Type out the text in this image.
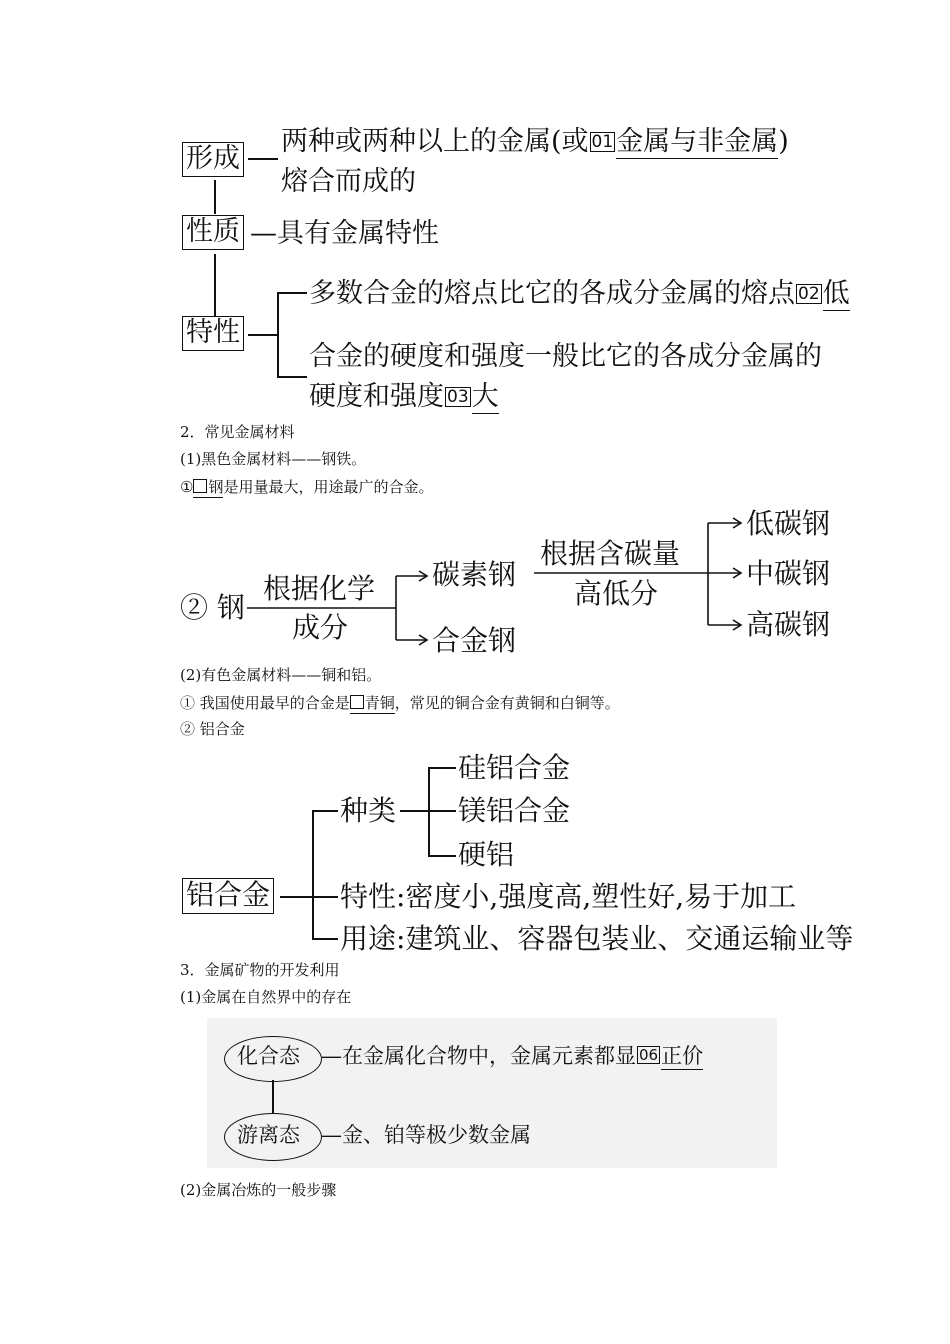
形成
两种或两种以上的金属(或 01 金属与非金属)
熔合而成的
性质 —具有金属特性
特性
多数合金的熔点比它的各成分金属的熔点 02 低
合金的硬度和强度一般比它的各成分金属的
硬度和强度 03 大
2．常见金属材料
(1)黑色金属材料——钢铁。
① 钢是用量最大，用途最广的合金。
② 钢
根据化学
成分
碳素钢
合金钢
根据含碳量
高低分
低碳钢
中碳钢
高碳钢
(2)有色金属材料——铜和铝。
① 我国使用最早的合金是 青铜，常见的铜合金有黄铜和白铜等。
② 铝合金
硅铝合金
镁铝合金
硬铝
种类
铝合金 特性:密度小,强度高,塑性好,易于加工
用途:建筑业、容器包装业、交通运输业等
3．金属矿物的开发利用
(1)金属在自然界中的存在
化合态 —在金属化合物中，金属元素都显 06 正价
游离态 —金、铂等极少数金属
(2)金属冶炼的一般步骤
